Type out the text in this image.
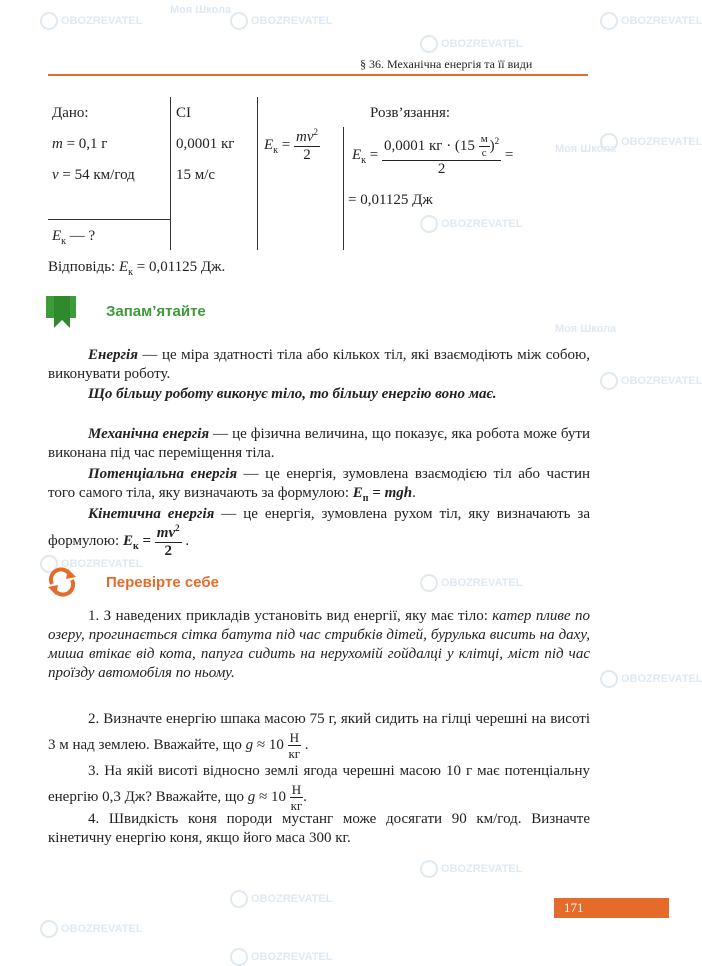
Моя Школа
OBOZREVATEL
OBOZREVATEL
OBOZREVATEL
OBOZREVATEL
Моя Школа
OBOZREVATEL
OBOZREVATEL
Моя Школа
OBOZREVATEL
OBOZREVATEL
OBOZREVATEL
OBOZREVATEL
OBOZREVATEL
OBOZREVATEL
OBOZREVATEL
OBOZREVATEL
§ 36. Механічна енергія та її види
Дано:	СІ	Розв’язання:
m = 0,1 г	0,0001 кг
v = 54 км/год	15 м/с
$E_к$ — ?
$E_к = \frac{mv^2}{2} E_к = \frac{0,0001 кг \cdot (15 \frac{м}{с} )^2}{2}$ =
= 0,01125 Дж
Відповідь: $E_к = 0,01125$ Дж.
Запам’ятайте
Енергія — це міра здатності тіла або кількох тіл, які взаємодіють між собою, виконувати роботу.
Що більшу роботу виконує тіло, то більшу енергію воно має.
Механічна енергія — це фізична величина, що показує, яка робота може бути виконана під час переміщення тіла.
Потенціальна енергія — це енергія, зумовлена взаємодією тіл або частин того самого тіла, яку визначають за формулою: $E_п$ = mgh.
Кінетична енергія — це енергія, зумовлена рухом тіл, яку визначають за формулою: $E_к = \frac{mv^2}{2}$ .
Перевірте себе
1. З наведених прикладів установіть вид енергії, яку має тіло: катер пливе по озеру, прогинається сітка батута під час стрибків дітей, бурулька висить на даху, миша втікає від кота, папуга сидить на нерухомій гойдалці у клітці, міст під час проїзду автомобіля по ньому.
2. Визначте енергію шпака масою 75 г, який сидить на гілці черешні на висоті 3 м над землею. Вважайте, що $g \approx 10 \frac{Н}{кг}$ .
3. На якій висоті відносно землі ягода черешні масою 10 г має потенціальну енергію 0,3 Дж? Вважайте, що $g \approx 10 \frac{Н}{кг}$ .
4. Швидкість коня породи мустанг може досягати 90 км/год. Визначте кінетичну енергію коня, якщо його маса 300 кг.
171
